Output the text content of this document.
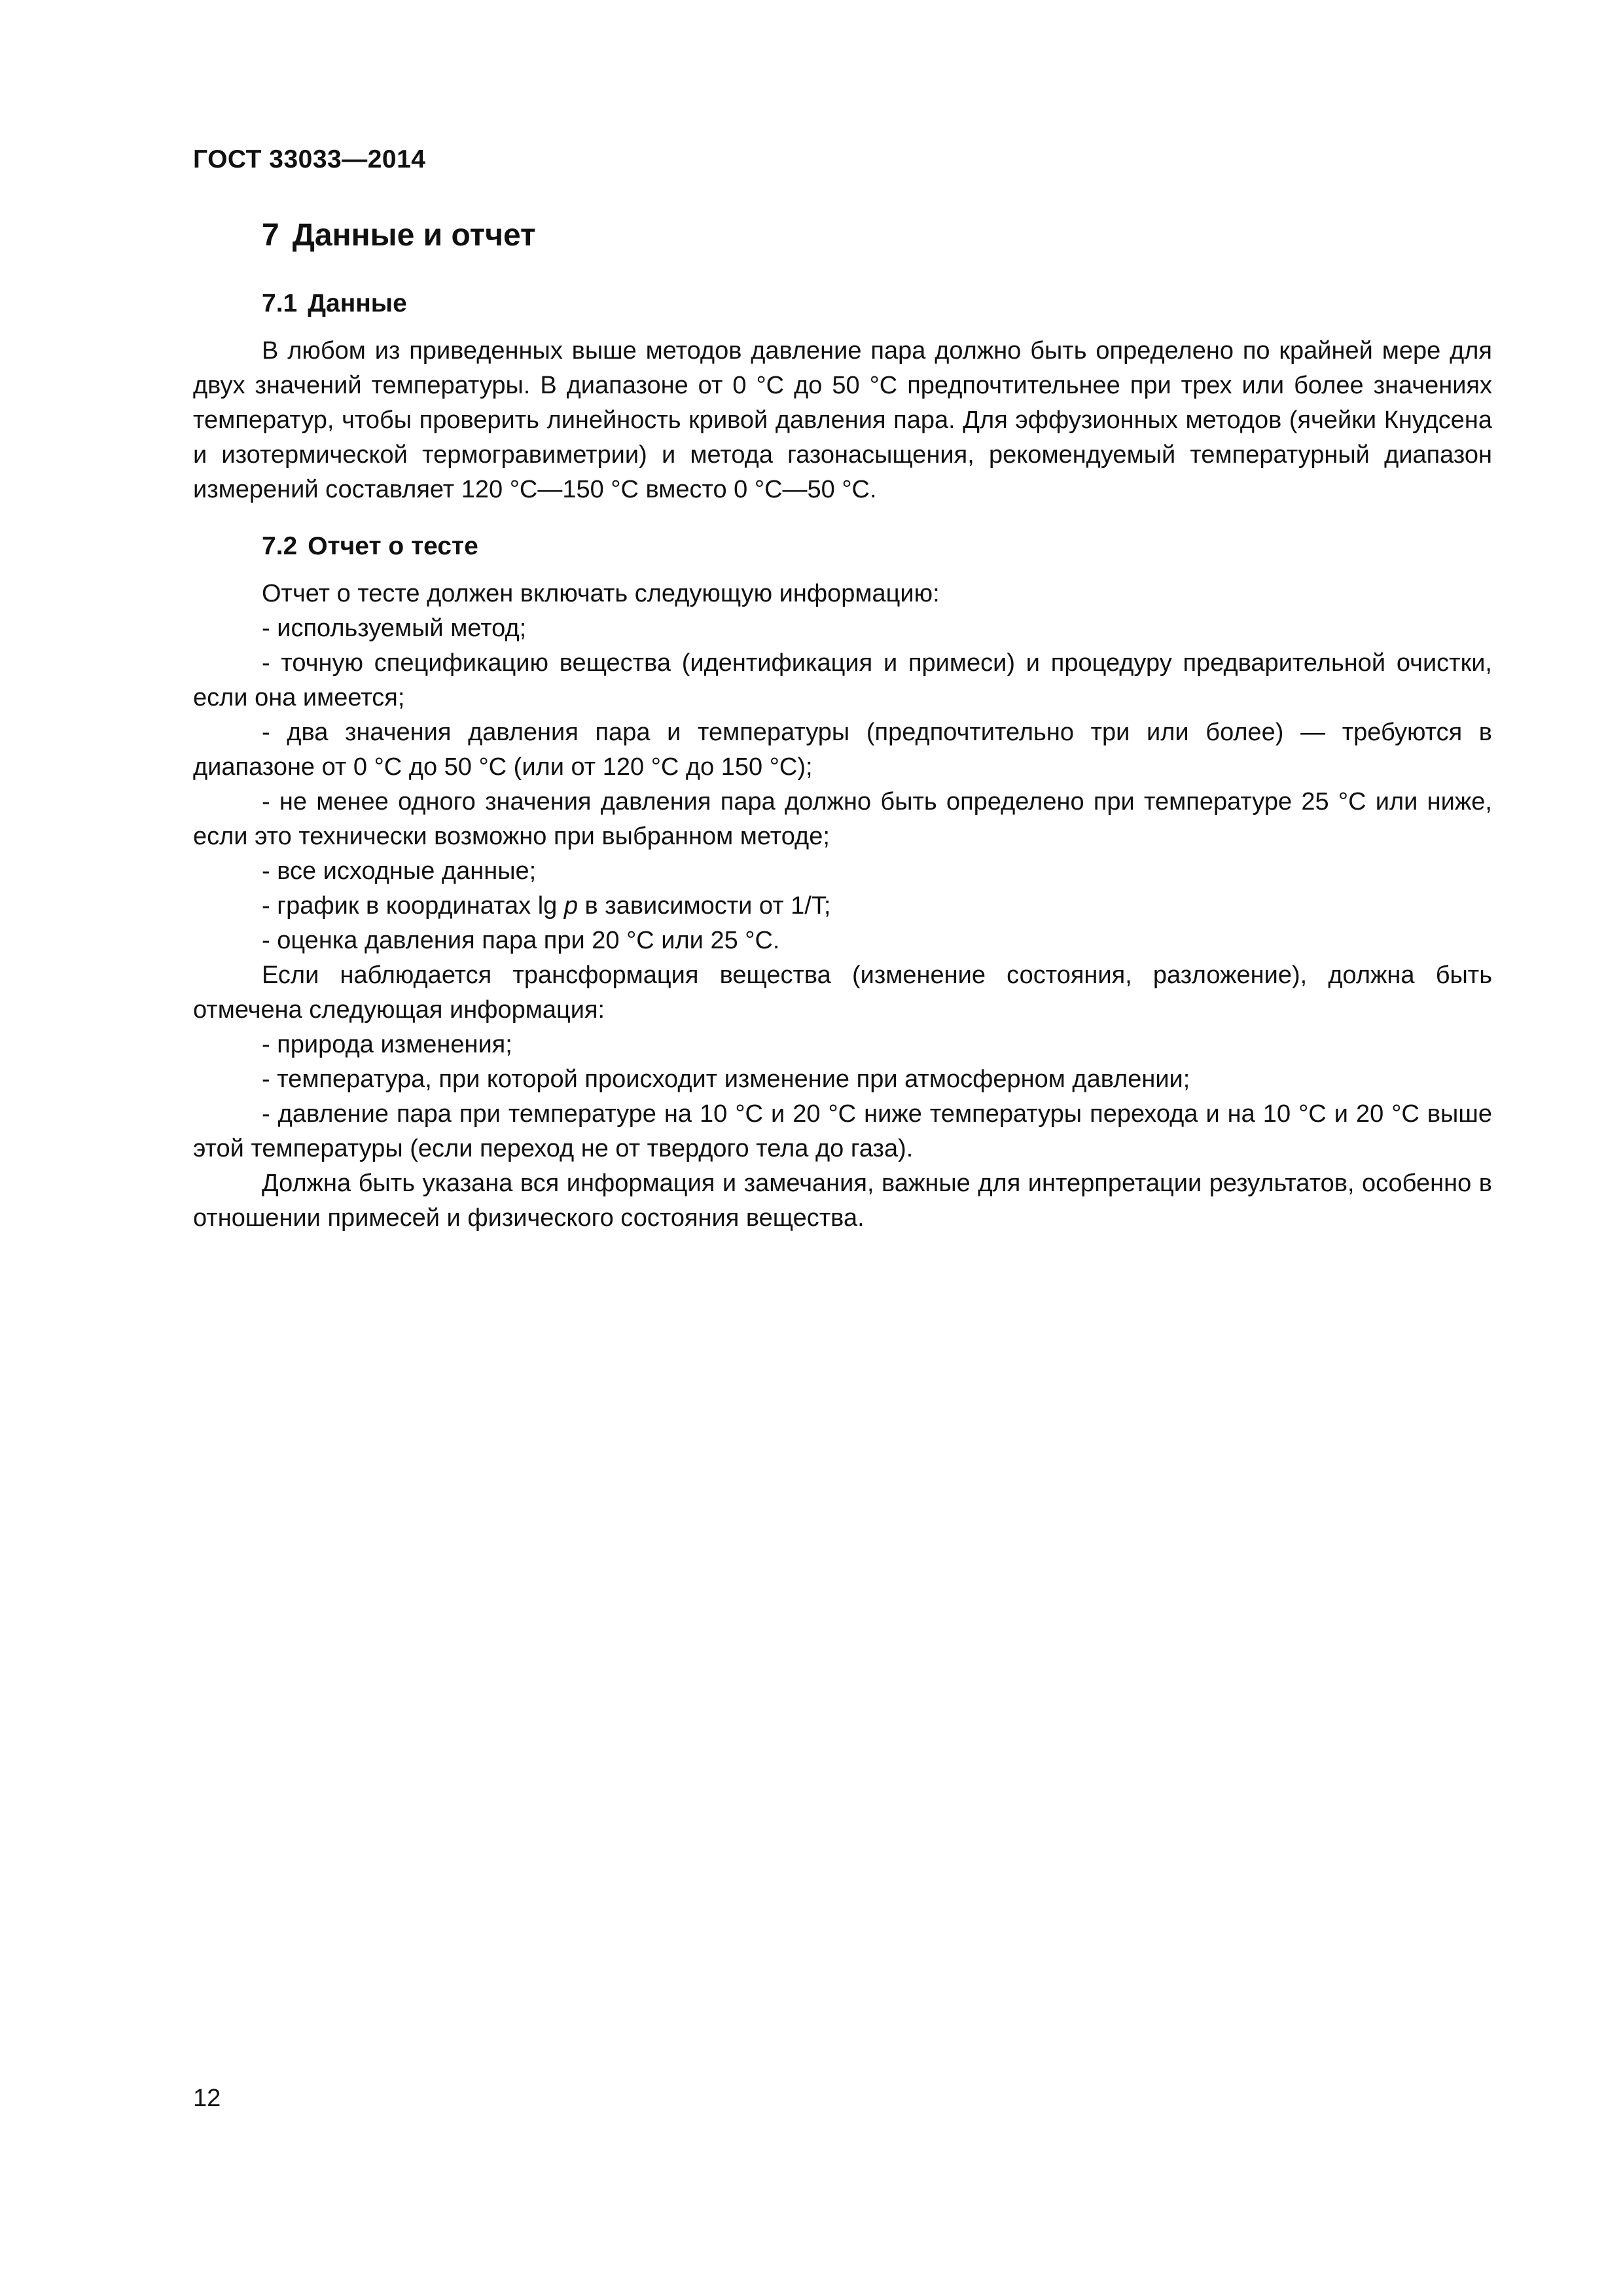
ГОСТ 33033—2014
7 Данные и отчет
7.1 Данные

В любом из приведенных выше методов давление пара должно быть определено по крайней мере для двух значений температуры. В диапазоне от 0 °С до 50 °С предпочтительнее при трех или более значениях температур, чтобы проверить линейность кривой давления пара. Для эффузионных методов (ячейки Кнудсена и изотермической термогравиметрии) и метода газонасыщения, рекомендуемый температурный диапазон измерений составляет 120 °С—150 °С вместо 0 °С—50 °С.

7.2 Отчет о тесте

Отчет о тесте должен включать следующую информацию:

- используемый метод;

- точную спецификацию вещества (идентификация и примеси) и процедуру предварительной очистки, если она имеется;

- два значения давления пара и температуры (предпочтительно три или более) — требуются в диапазоне от 0 °С до 50 °С (или от 120 °С до 150 °С);

- не менее одного значения давления пара должно быть определено при температуре 25 °С или ниже, если это технически возможно при выбранном методе;

- все исходные данные;

- график в координатах lg p в зависимости от 1/T;

- оценка давления пара при 20 °С или 25 °С.

Если наблюдается трансформация вещества (изменение состояния, разложение), должна быть отмечена следующая информация:

- природа изменения;

- температура, при которой происходит изменение при атмосферном давлении;

- давление пара при температуре на 10 °С и 20 °С ниже температуры перехода и на 10 °С и 20 °С выше этой температуры (если переход не от твердого тела до газа).

Должна быть указана вся информация и замечания, важные для интерпретации результатов, особенно в отношении примесей и физического состояния вещества.

12
